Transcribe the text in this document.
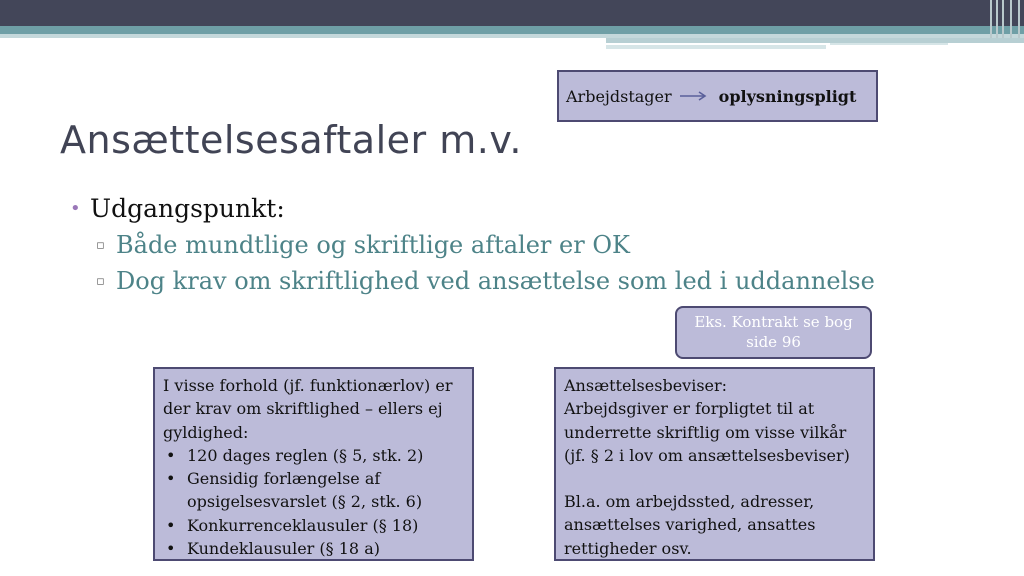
Arbejdstager	oplysningspligt
Ansættelsesaftaler m.v.
• Udgangspunkt:
▫ Både mundtlige og skriftlige aftaler er OK
▫ Dog krav om skriftlighed ved ansættelse som led i uddannelse
Eks. Kontrakt se bog side 96

I visse forhold (jf. funktionærlov) er der krav om skriftlighed – ellers ej gyldighed:

• 120 dages reglen (§ 5, stk. 2)
• Gensidig forlængelse af opsigelsesvarslet (§ 2, stk. 6)
• Konkurrenceklausuler (§ 18)
• Kundeklausuler (§ 18 a)

Ansættelsesbeviser:

Arbejdsgiver er forpligtet til at underrette skriftlig om visse vilkår (jf. § 2 i lov om ansættelsesbeviser)

Bl.a. om arbejdssted, adresser, ansættelses varighed, ansattes rettigheder osv.
